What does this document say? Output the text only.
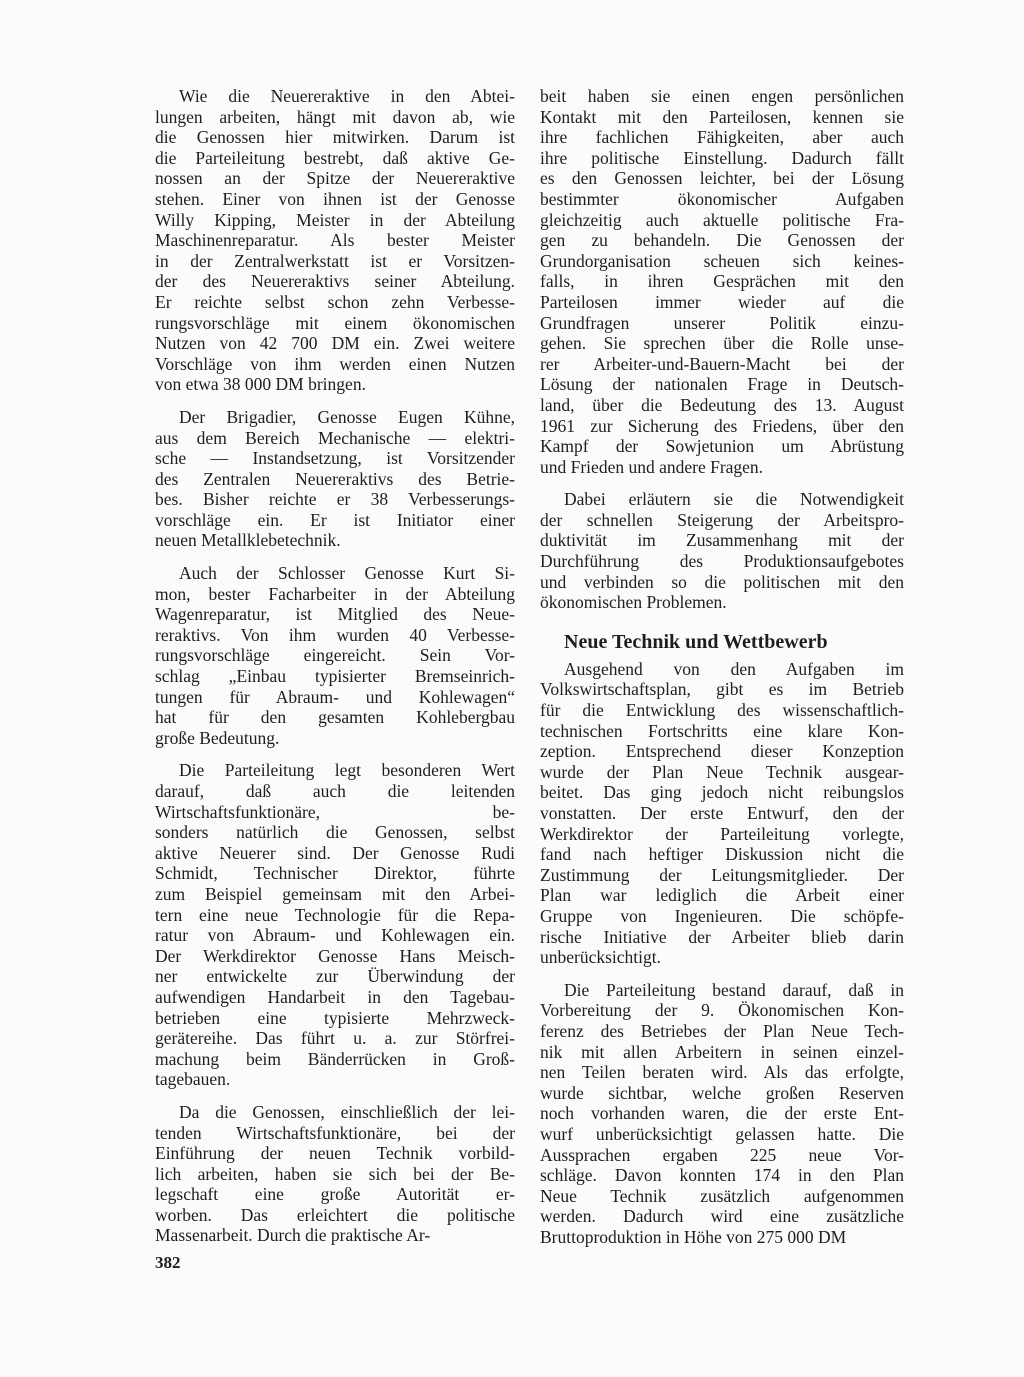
Wie die Neuereraktive in den Abtei-
lungen arbeiten, hängt mit davon ab, wie
die Genossen hier mitwirken. Darum ist
die Parteileitung bestrebt, daß aktive Ge-
nossen an der Spitze der Neuereraktive
stehen. Einer von ihnen ist der Genosse
Willy Kipping, Meister in der Abteilung
Maschinenreparatur. Als bester Meister
in der Zentralwerkstatt ist er Vorsitzen-
der des Neuereraktivs seiner Abteilung.
Er reichte selbst schon zehn Verbesse-
rungsvorschläge mit einem ökonomischen
Nutzen von 42 700 DM ein. Zwei weitere
Vorschläge von ihm werden einen Nutzen
von etwa 38 000 DM bringen.

Der Brigadier, Genosse Eugen Kühne,
aus dem Bereich Mechanische — elektri-
sche — Instandsetzung, ist Vorsitzender
des Zentralen Neuereraktivs des Betrie-
bes. Bisher reichte er 38 Verbesserungs-
vorschläge ein. Er ist Initiator einer
neuen Metallklebetechnik.

Auch der Schlosser Genosse Kurt Si-
mon, bester Facharbeiter in der Abteilung
Wagenreparatur, ist Mitglied des Neue-
reraktivs. Von ihm wurden 40 Verbesse-
rungsvorschläge eingereicht. Sein Vor-
schlag „Einbau typisierter Bremseinrich-
tungen für Abraum- und Kohlewagen“
hat für den gesamten Kohlebergbau
große Bedeutung.

Die Parteileitung legt besonderen Wert
darauf, daß auch die leitenden
Wirtschaftsfunktionäre, be-
sonders natürlich die Genossen, selbst
aktive Neuerer sind. Der Genosse Rudi
Schmidt, Technischer Direktor, führte
zum Beispiel gemeinsam mit den Arbei-
tern eine neue Technologie für die Repa-
ratur von Abraum- und Kohlewagen ein.
Der Werkdirektor Genosse Hans Meisch-
ner entwickelte zur Überwindung der
aufwendigen Handarbeit in den Tagebau-
betrieben eine typisierte Mehrzweck-
gerätereihe. Das führt u. a. zur Störfrei-
machung beim Bänderrücken in Groß-
tagebauen.

Da die Genossen, einschließlich der lei-
tenden Wirtschaftsfunktionäre, bei der
Einführung der neuen Technik vorbild-
lich arbeiten, haben sie sich bei der Be-
legschaft eine große Autorität er-
worben. Das erleichtert die politische
Massenarbeit. Durch die praktische Ar-

beit haben sie einen engen persönlichen
Kontakt mit den Parteilosen, kennen sie
ihre fachlichen Fähigkeiten, aber auch
ihre politische Einstellung. Dadurch fällt
es den Genossen leichter, bei der Lösung
bestimmter ökonomischer Aufgaben
gleichzeitig auch aktuelle politische Fra-
gen zu behandeln. Die Genossen der
Grundorganisation scheuen sich keines-
falls, in ihren Gesprächen mit den
Parteilosen immer wieder auf die
Grundfragen unserer Politik einzu-
gehen. Sie sprechen über die Rolle unse-
rer Arbeiter-und-Bauern-Macht bei der
Lösung der nationalen Frage in Deutsch-
land, über die Bedeutung des 13. August
1961 zur Sicherung des Friedens, über den
Kampf der Sowjetunion um Abrüstung
und Frieden und andere Fragen.

Dabei erläutern sie die Notwendigkeit
der schnellen Steigerung der Arbeitspro-
duktivität im Zusammenhang mit der
Durchführung des Produktionsaufgebotes
und verbinden so die politischen mit den
ökonomischen Problemen.

Neue Technik und Wettbewerb

Ausgehend von den Aufgaben im
Volkswirtschaftsplan, gibt es im Betrieb
für die Entwicklung des wissenschaftlich-
technischen Fortschritts eine klare Kon-
zeption. Entsprechend dieser Konzeption
wurde der Plan Neue Technik ausgear-
beitet. Das ging jedoch nicht reibungslos
vonstatten. Der erste Entwurf, den der
Werkdirektor der Parteileitung vorlegte,
fand nach heftiger Diskussion nicht die
Zustimmung der Leitungsmitglieder. Der
Plan war lediglich die Arbeit einer
Gruppe von Ingenieuren. Die schöpfe-
rische Initiative der Arbeiter blieb darin
unberücksichtigt.

Die Parteileitung bestand darauf, daß in
Vorbereitung der 9. Ökonomischen Kon-
ferenz des Betriebes der Plan Neue Tech-
nik mit allen Arbeitern in seinen einzel-
nen Teilen beraten wird. Als das erfolgte,
wurde sichtbar, welche großen Reserven
noch vorhanden waren, die der erste Ent-
wurf unberücksichtigt gelassen hatte. Die
Aussprachen ergaben 225 neue Vor-
schläge. Davon konnten 174 in den Plan
Neue Technik zusätzlich aufgenommen
werden. Dadurch wird eine zusätzliche
Bruttoproduktion in Höhe von 275 000 DM

382
